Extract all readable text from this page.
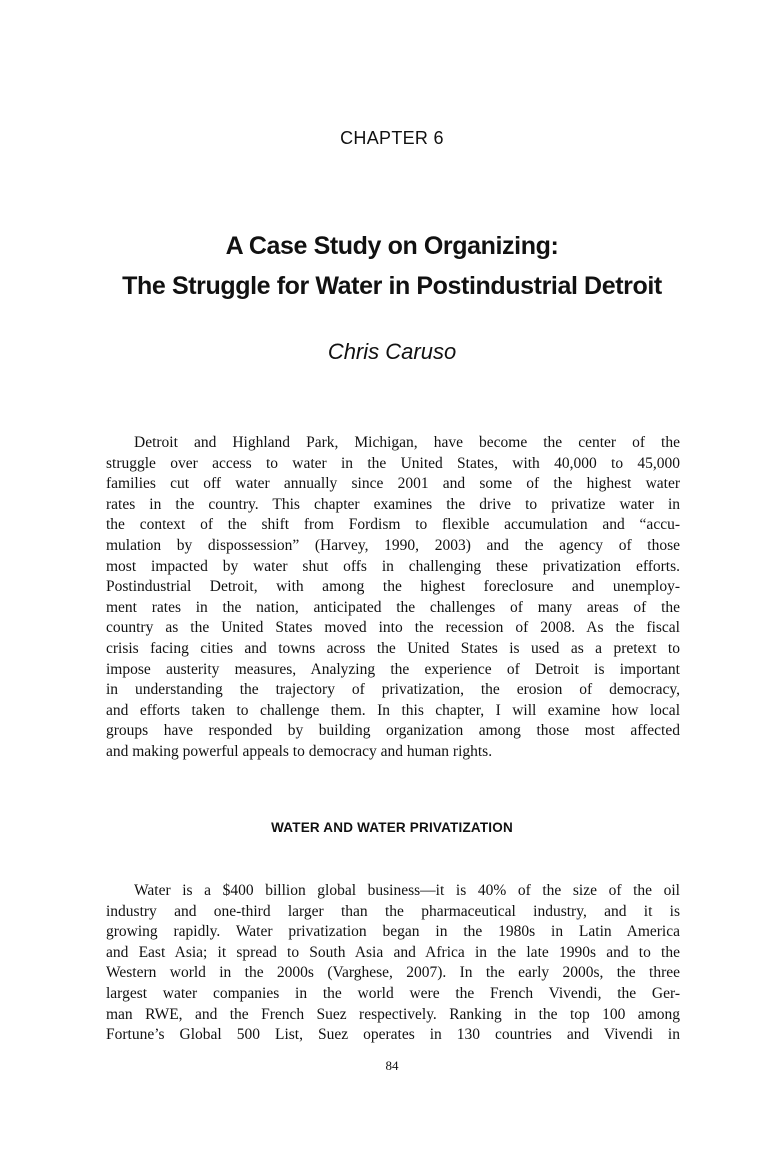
CHAPTER 6
A Case Study on Organizing:
The Struggle for Water in Postindustrial Detroit
Chris Caruso

Detroit and Highland Park, Michigan, have become the center of the
struggle over access to water in the United States, with 40,000 to 45,000
families cut off water annually since 2001 and some of the highest water
rates in the country. This chapter examines the drive to privatize water in
the context of the shift from Fordism to flexible accumulation and “accu-
mulation by dispossession” (Harvey, 1990, 2003) and the agency of those
most impacted by water shut offs in challenging these privatization efforts.
Postindustrial Detroit, with among the highest foreclosure and unemploy-
ment rates in the nation, anticipated the challenges of many areas of the
country as the United States moved into the recession of 2008. As the fiscal
crisis facing cities and towns across the United States is used as a pretext to
impose austerity measures, Analyzing the experience of Detroit is important
in understanding the trajectory of privatization, the erosion of democracy,
and efforts taken to challenge them. In this chapter, I will examine how local
groups have responded by building organization among those most affected
and making powerful appeals to democracy and human rights.

WATER AND WATER PRIVATIZATION

Water is a $400 billion global business—it is 40% of the size of the oil
industry and one-third larger than the pharmaceutical industry, and it is
growing rapidly. Water privatization began in the 1980s in Latin America
and East Asia; it spread to South Asia and Africa in the late 1990s and to the
Western world in the 2000s (Varghese, 2007). In the early 2000s, the three
largest water companies in the world were the French Vivendi, the Ger-
man RWE, and the French Suez respectively. Ranking in the top 100 among
Fortune’s Global 500 List, Suez operates in 130 countries and Vivendi in

84
